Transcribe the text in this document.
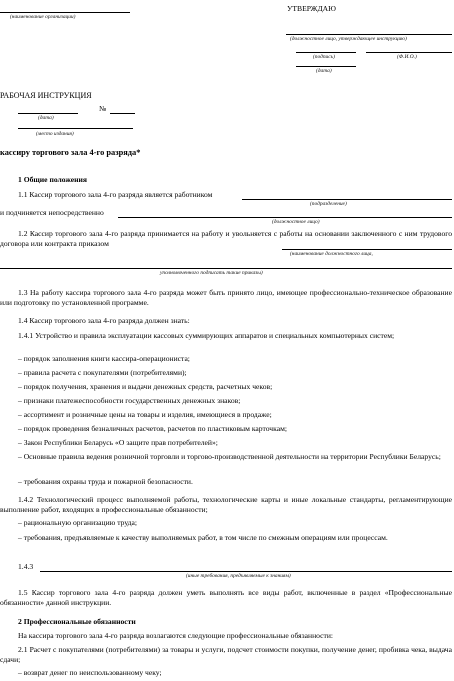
(наименование организации)
УТВЕРЖДАЮ
(должностное лицо, утверждающее инструкцию)
(подпись)	(Ф.И.О.)
(дата)
РАБОЧАЯ ИНСТРУКЦИЯ
№
(дата)
(место издания)
кассиру торгового зала 4-го разряда*
1 Общие положения
1.1 Кассир торгового зала 4-го разряда является работником
(подразделение)
и подчиняется непосредственно
(должностное лицо)
1.2 Кассир торгового зала 4-го разряда принимается на работу и увольняется с работы на основании заключенного с ним трудового договора или контракта приказом
(наименование должностного лица,
уполномоченного подписать такие приказы)
1.3 На работу кассира торгового зала 4-го разряда может быть принято лицо, имеющее профессионально-техническое образование или подготовку по установленной программе.
1.4 Кассир торгового зала 4-го разряда должен знать:
1.4.1 Устройство и правила эксплуатации кассовых суммирующих аппаратов и специальных компьютерных систем;
– порядок заполнения книги кассира-операциониста;
– правила расчета с покупателями (потребителями);
– порядок получения, хранения и выдачи денежных средств, расчетных чеков;
– признаки платежеспособности государственных денежных знаков;
– ассортимент и розничные цены на товары и изделия, имеющиеся в продаже;
– порядок проведения безналичных расчетов, расчетов по пластиковым карточкам;
– Закон Республики Беларусь «О защите прав потребителей»;
– Основные правила ведения розничной торговли и торгово-производственной деятельности на территории Республики Беларусь;
– требования охраны труда и пожарной безопасности.
1.4.2 Технологический процесс выполняемой работы, технологические карты и иные локальные стандарты, регламентирующие выполнение работ, входящих в профессиональные обязанности;
– рациональную организацию труда;
– требования, предъявляемые к качеству выполняемых работ, в том числе по смежным операциям или процессам.
1.4.3
(иные требования, предъявляемые к знаниям)
1.5 Кассир торгового зала 4-го разряда должен уметь выполнять все виды работ, включенные в раздел «Профессиональные обязанности» данной инструкции.
2 Профессиональные обязанности
На кассира торгового зала 4-го разряда возлагаются следующие профессиональные обязанности:
2.1 Расчет с покупателями (потребителями) за товары и услуги, подсчет стоимости покупки, получение денег, пробивка чека, выдача сдачи;
– возврат денег по неиспользованному чеку;
